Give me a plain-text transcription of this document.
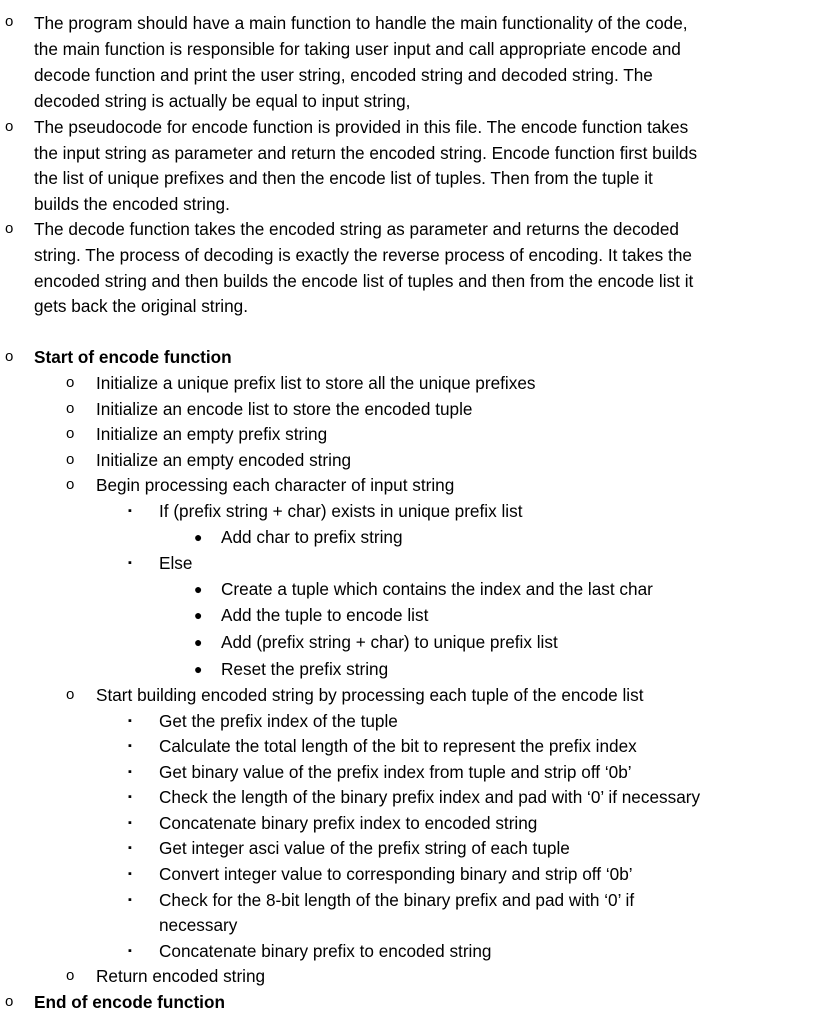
o The program should have a main function to handle the main functionality of the code,
the main function is responsible for taking user input and call appropriate encode and
decode function and print the user string, encoded string and decoded string. The
decoded string is actually be equal to input string,
o The pseudocode for encode function is provided in this file. The encode function takes
the input string as parameter and return the encoded string. Encode function first builds
the list of unique prefixes and then the encode list of tuples. Then from the tuple it
builds the encoded string.
o The decode function takes the encoded string as parameter and returns the decoded
string. The process of decoding is exactly the reverse process of encoding. It takes the
encoded string and then builds the encode list of tuples and then from the encode list it
gets back the original string.
o Start of encode function
o Initialize a unique prefix list to store all the unique prefixes
o Initialize an encode list to store the encoded tuple
o Initialize an empty prefix string
o Initialize an empty encoded string
o Begin processing each character of input string
▪ If (prefix string + char) exists in unique prefix list
● Add char to prefix string
▪ Else
● Create a tuple which contains the index and the last char
● Add the tuple to encode list
● Add (prefix string + char) to unique prefix list
● Reset the prefix string
o Start building encoded string by processing each tuple of the encode list
▪ Get the prefix index of the tuple
▪ Calculate the total length of the bit to represent the prefix index
▪ Get binary value of the prefix index from tuple and strip off ‘0b’
▪ Check the length of the binary prefix index and pad with ‘0’ if necessary
▪ Concatenate binary prefix index to encoded string
▪ Get integer asci value of the prefix string of each tuple
▪ Convert integer value to corresponding binary and strip off ‘0b’
▪ Check for the 8-bit length of the binary prefix and pad with ‘0’ if
necessary
▪ Concatenate binary prefix to encoded string
o Return encoded string
o End of encode function
